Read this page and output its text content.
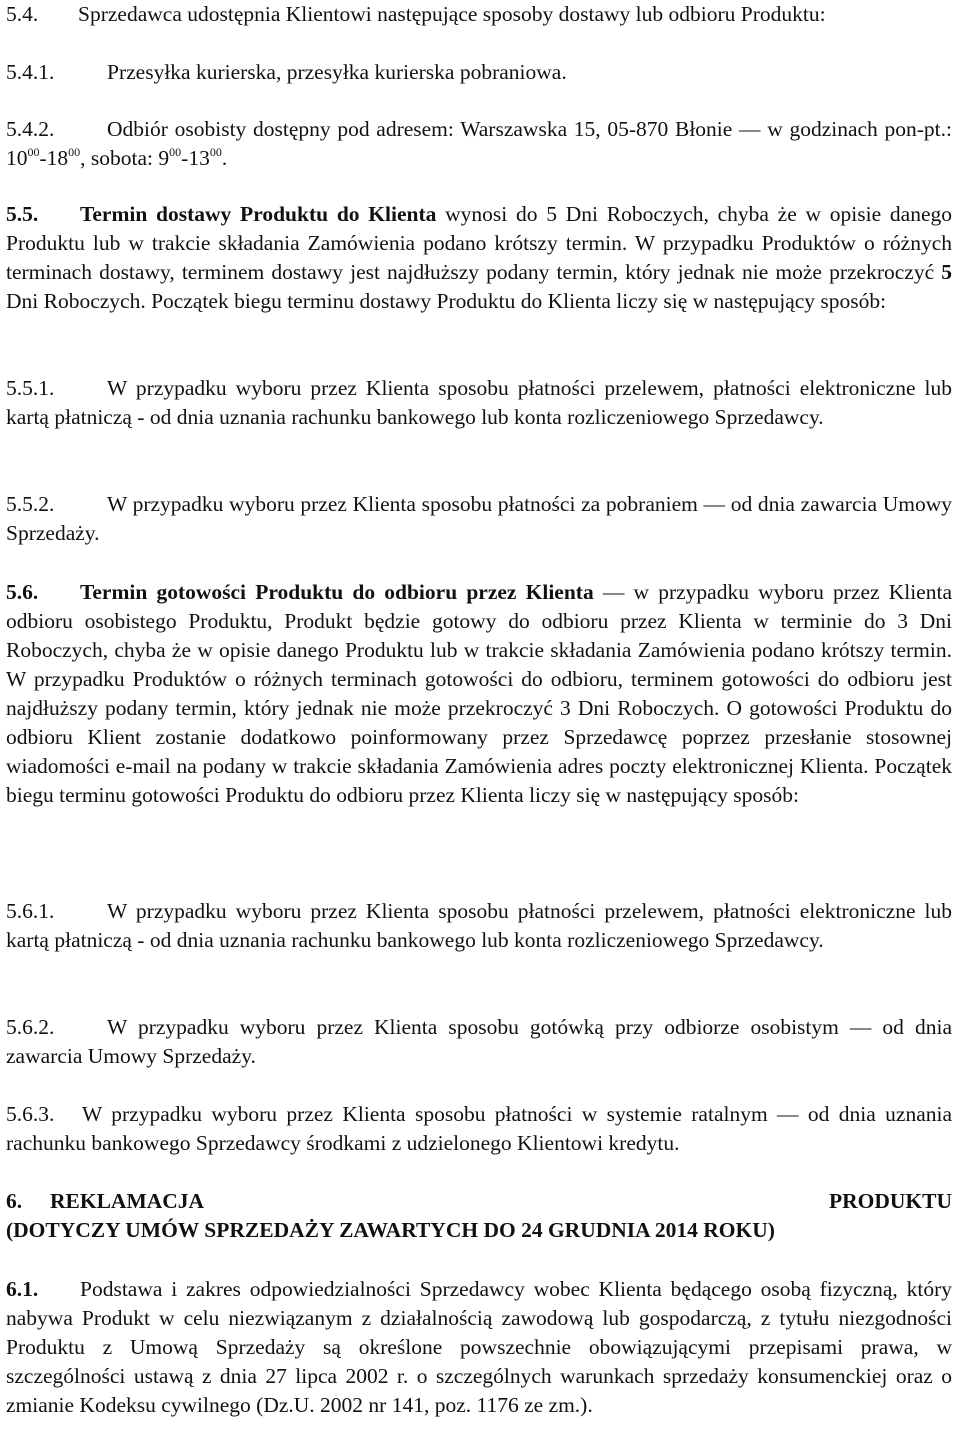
5.4. Sprzedawca udostępnia Klientowi następujące sposoby dostawy lub odbioru Produktu:

5.4.1. Przesyłka kurierska, przesyłka kurierska pobraniowa.

5.4.2. Odbiór osobisty dostępny pod adresem: Warszawska 15, 05-870 Błonie — w godzinach pon-pt.: $10^{00}-18^{00}$, sobota: $9^{00}-13^{00}$.

5.5. Termin dostawy Produktu do Klienta wynosi do 5 Dni Roboczych, chyba że w opisie danego Produktu lub w trakcie składania Zamówienia podano krótszy termin. W przypadku Produktów o różnych terminach dostawy, terminem dostawy jest najdłuższy podany termin, który jednak nie może przekroczyć 5 Dni Roboczych. Początek biegu terminu dostawy Produktu do Klienta liczy się w następujący sposób:

5.5.1. W przypadku wyboru przez Klienta sposobu płatności przelewem, płatności elektroniczne lub kartą płatniczą - od dnia uznania rachunku bankowego lub konta rozliczeniowego Sprzedawcy.

5.5.2. W przypadku wyboru przez Klienta sposobu płatności za pobraniem — od dnia zawarcia Umowy Sprzedaży.

5.6. Termin gotowości Produktu do odbioru przez Klienta — w przypadku wyboru przez Klienta odbioru osobistego Produktu, Produkt będzie gotowy do odbioru przez Klienta w terminie do 3 Dni Roboczych, chyba że w opisie danego Produktu lub w trakcie składania Zamówienia podano krótszy termin. W przypadku Produktów o różnych terminach gotowości do odbioru, terminem gotowości do odbioru jest najdłuższy podany termin, który jednak nie może przekroczyć 3 Dni Roboczych. O gotowości Produktu do odbioru Klient zostanie dodatkowo poinformowany przez Sprzedawcę poprzez przesłanie stosownej wiadomości e-mail na podany w trakcie składania Zamówienia adres poczty elektronicznej Klienta. Początek biegu terminu gotowości Produktu do odbioru przez Klienta liczy się w następujący sposób:

5.6.1. W przypadku wyboru przez Klienta sposobu płatności przelewem, płatności elektroniczne lub kartą płatniczą - od dnia uznania rachunku bankowego lub konta rozliczeniowego Sprzedawcy.

5.6.2. W przypadku wyboru przez Klienta sposobu gotówką przy odbiorze osobistym — od dnia zawarcia Umowy Sprzedaży.

5.6.3. W przypadku wyboru przez Klienta sposobu płatności w systemie ratalnym — od dnia uznania rachunku bankowego Sprzedawcy środkami z udzielonego Klientowi kredytu.

6. REKLAMACJA	PRODUKTU
(DOTYCZY UMÓW SPRZEDAŻY ZAWARTYCH DO 24 GRUDNIA 2014 ROKU)

6.1. Podstawa i zakres odpowiedzialności Sprzedawcy wobec Klienta będącego osobą fizyczną, który nabywa Produkt w celu niezwiązanym z działalnością zawodową lub gospodarczą, z tytułu niezgodności Produktu z Umową Sprzedaży są określone powszechnie obowiązującymi przepisami prawa, w szczególności ustawą z dnia 27 lipca 2002 r. o szczególnych warunkach sprzedaży konsumenckiej oraz o zmianie Kodeksu cywilnego (Dz.U. 2002 nr 141, poz. 1176 ze zm.).
